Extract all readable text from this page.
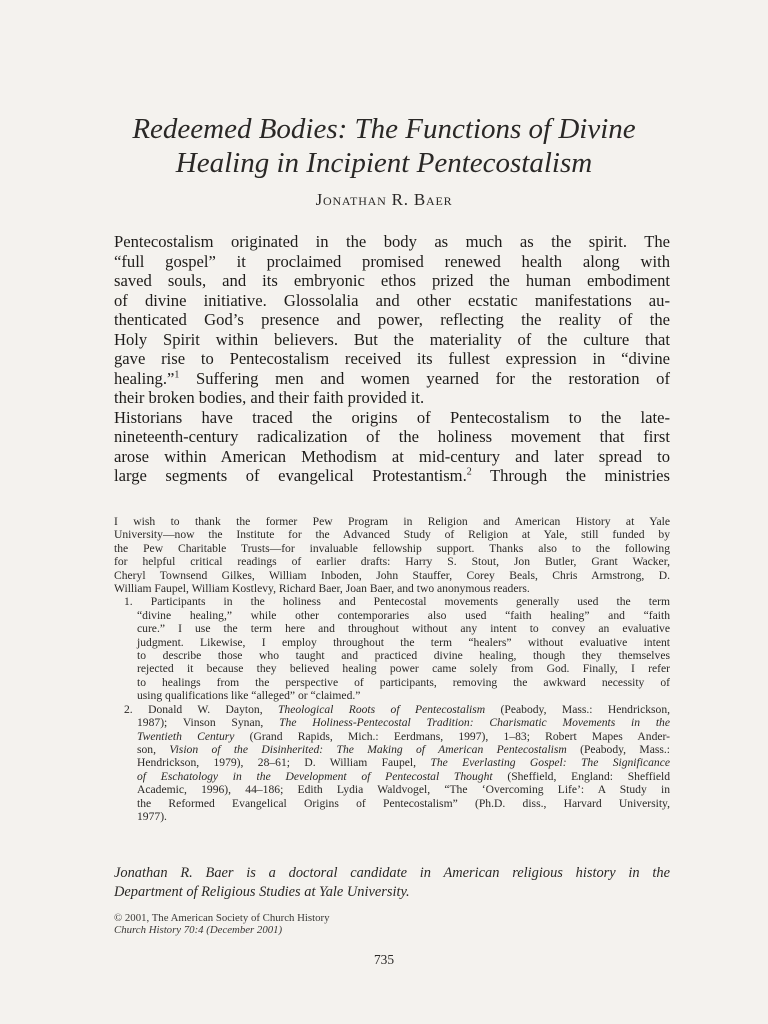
Redeemed Bodies: The Functions of Divine
Healing in Incipient Pentecostalism
Jonathan R. Baer
Pentecostalism originated in the body as much as the spirit. The
“full gospel” it proclaimed promised renewed health along with
saved souls, and its embryonic ethos prized the human embodiment
of divine initiative. Glossolalia and other ecstatic manifestations au-
thenticated God’s presence and power, reflecting the reality of the
Holy Spirit within believers. But the materiality of the culture that
gave rise to Pentecostalism received its fullest expression in “divine
healing.”$^1$ Suffering men and women yearned for the restoration of
their broken bodies, and their faith provided it.
Historians have traced the origins of Pentecostalism to the late-
nineteenth-century radicalization of the holiness movement that first
arose within American Methodism at mid-century and later spread to
large segments of evangelical Protestantism.$^2$ Through the ministries
I wish to thank the former Pew Program in Religion and American History at Yale
University—now the Institute for the Advanced Study of Religion at Yale, still funded by
the Pew Charitable Trusts—for invaluable fellowship support. Thanks also to the following
for helpful critical readings of earlier drafts: Harry S. Stout, Jon Butler, Grant Wacker,
Cheryl Townsend Gilkes, William Inboden, John Stauffer, Corey Beals, Chris Armstrong, D.
William Faupel, William Kostlevy, Richard Baer, Joan Baer, and two anonymous readers.
1. Participants in the holiness and Pentecostal movements generally used the term
“divine healing,” while other contemporaries also used “faith healing” and “faith
cure.” I use the term here and throughout without any intent to convey an evaluative
judgment. Likewise, I employ throughout the term “healers” without evaluative intent
to describe those who taught and practiced divine healing, though they themselves
rejected it because they believed healing power came solely from God. Finally, I refer
to healings from the perspective of participants, removing the awkward necessity of
using qualifications like “alleged” or “claimed.”
2. Donald W. Dayton, Theological Roots of Pentecostalism (Peabody, Mass.: Hendrickson,
1987); Vinson Synan, The Holiness-Pentecostal Tradition: Charismatic Movements in the
Twentieth Century (Grand Rapids, Mich.: Eerdmans, 1997), 1–83; Robert Mapes Ander-
son, Vision of the Disinherited: The Making of American Pentecostalism (Peabody, Mass.:
Hendrickson, 1979), 28–61; D. William Faupel, The Everlasting Gospel: The Significance
of Eschatology in the Development of Pentecostal Thought (Sheffield, England: Sheffield
Academic, 1996), 44–186; Edith Lydia Waldvogel, “The ‘Overcoming Life’: A Study in
the Reformed Evangelical Origins of Pentecostalism” (Ph.D. diss., Harvard University,
1977).
Jonathan R. Baer is a doctoral candidate in American religious history in the
Department of Religious Studies at Yale University.
© 2001, The American Society of Church History
Church History 70:4 (December 2001)
735
